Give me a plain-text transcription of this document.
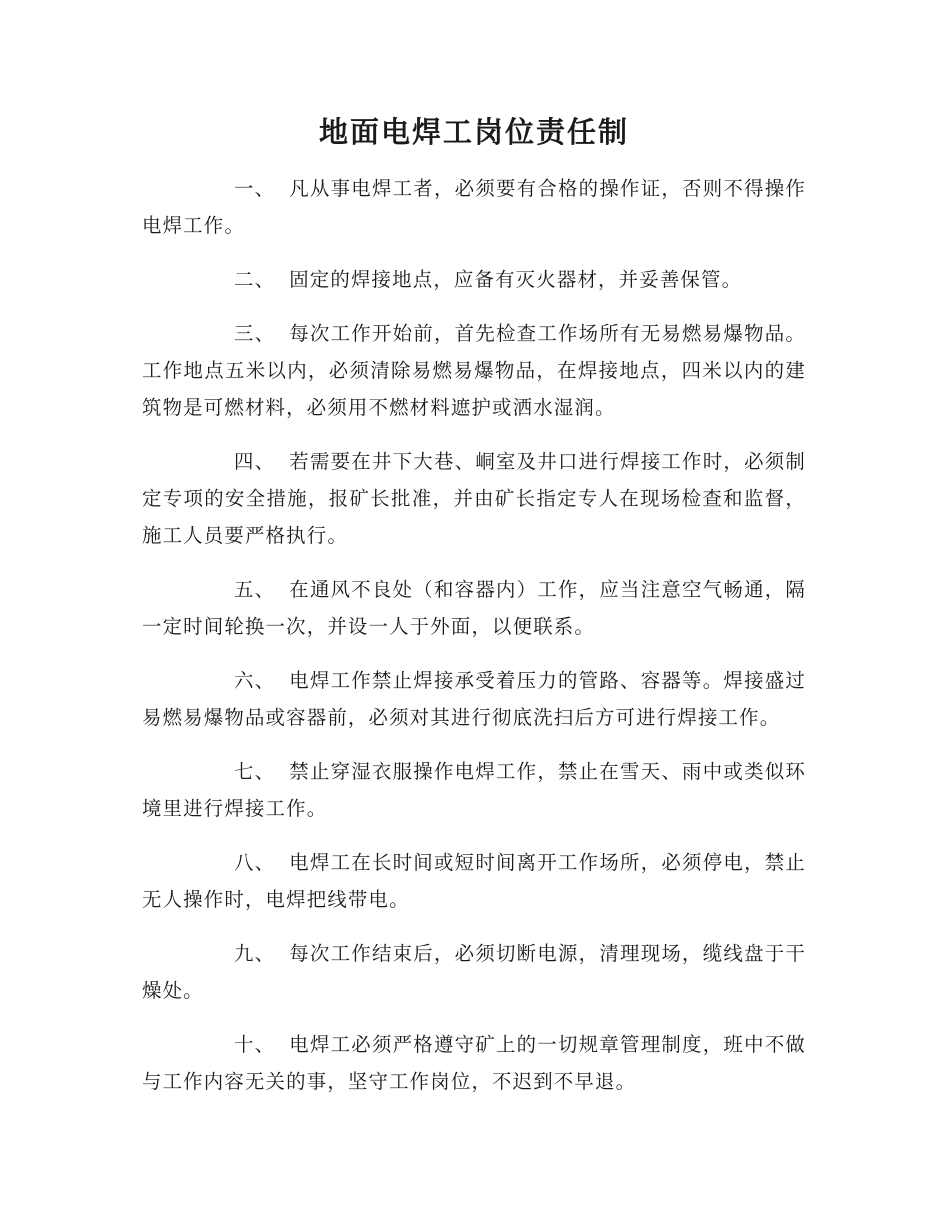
地面电焊工岗位责任制

一、 凡从事电焊工者，必须要有合格的操作证，否则不得操作电焊工作。

二、 固定的焊接地点，应备有灭火器材，并妥善保管。

三、 每次工作开始前，首先检查工作场所有无易燃易爆物品。工作地点五米以内，必须清除易燃易爆物品，在焊接地点，四米以内的建筑物是可燃材料，必须用不燃材料遮护或洒水湿润。

四、 若需要在井下大巷、峒室及井口进行焊接工作时，必须制定专项的安全措施，报矿长批准，并由矿长指定专人在现场检查和监督，施工人员要严格执行。

五、 在通风不良处（和容器内）工作，应当注意空气畅通，隔一定时间轮换一次，并设一人于外面，以便联系。

六、 电焊工作禁止焊接承受着压力的管路、容器等。焊接盛过易燃易爆物品或容器前，必须对其进行彻底洗扫后方可进行焊接工作。

七、 禁止穿湿衣服操作电焊工作，禁止在雪天、雨中或类似环境里进行焊接工作。

八、 电焊工在长时间或短时间离开工作场所，必须停电，禁止无人操作时，电焊把线带电。

九、 每次工作结束后，必须切断电源，清理现场，缆线盘于干燥处。

十、 电焊工必须严格遵守矿上的一切规章管理制度，班中不做与工作内容无关的事，坚守工作岗位，不迟到不早退。
